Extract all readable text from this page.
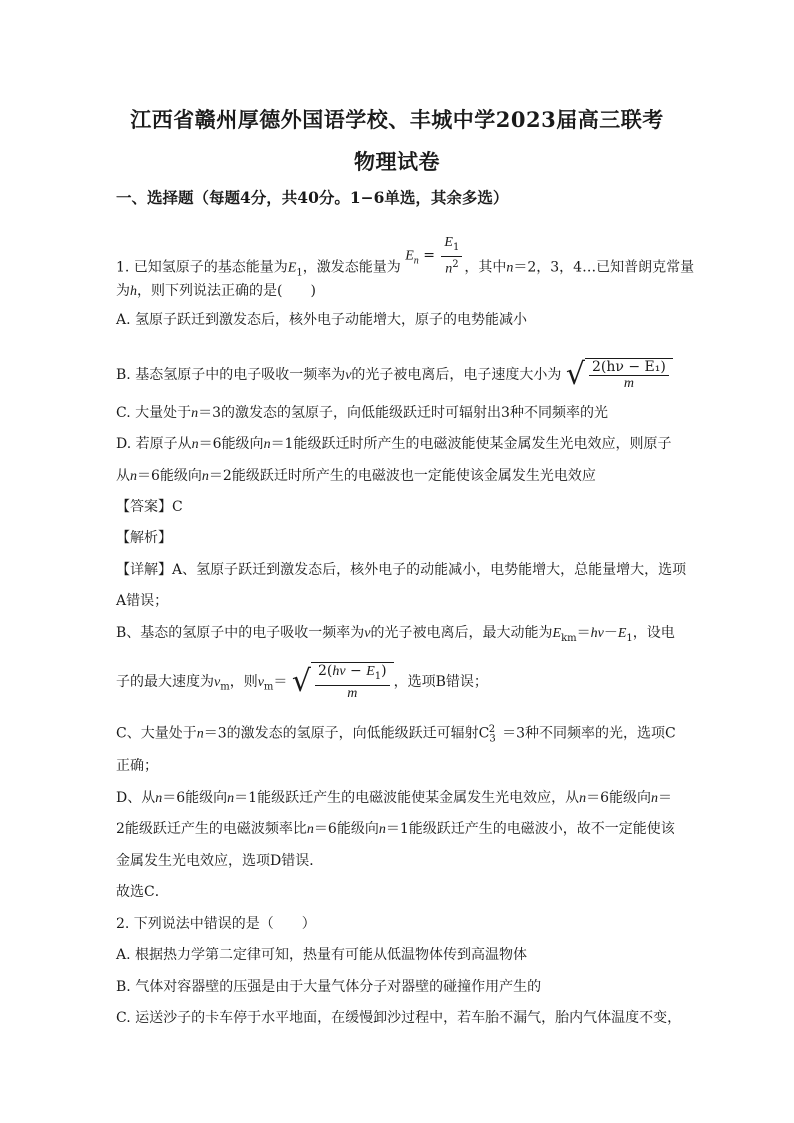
江西省赣州厚德外国语学校、丰城中学2023届高三联考
物理试卷
一、选择题（每题4分，共40分。1−6单选，其余多选）
1. 已知氢原子的基态能量为$E_1$，激发态能量为 $E_n = \frac{E_1}{n^2}$ ，其中n＝2，3，4…已知普朗克常量
为h，则下列说法正确的是(　　)
A. 氢原子跃迁到激发态后，核外电子动能增大，原子的电势能减小
B. 基态氢原子中的电子吸收一频率为ν的光子被电离后，电子速度大小为 √ $\frac{\text{2(hν − E₁)}}{m}$
C. 大量处于n＝3的激发态的氢原子，向低能级跃迁时可辐射出3种不同频率的光
D. 若原子从n＝6能级向n＝1能级跃迁时所产生的电磁波能使某金属发生光电效应，则原子
从n＝6能级向n＝2能级跃迁时所产生的电磁波也一定能使该金属发生光电效应
【答案】C
【解析】
【详解】A、氢原子跃迁到激发态后，核外电子的动能减小，电势能增大，总能量增大，选项
A错误；
B、基态的氢原子中的电子吸收一频率为ν的光子被电离后，最大动能为$E_{km}=h\nu-E_1$，设电
子的最大速度为$v_m$，则$v_m=$ √ $\frac{2(h\nu - E_1)}{m}$ ，选项B错误；
C、大量处于n＝3的激发态的氢原子，向低能级跃迁可辐射$C_3^2 =3$种不同频率的光，选项C
正确；
D、从n＝6能级向n＝1能级跃迁产生的电磁波能使某金属发生光电效应，从n＝6能级向n＝
2能级跃迁产生的电磁波频率比n＝6能级向n＝1能级跃迁产生的电磁波小，故不一定能使该
金属发生光电效应，选项D错误．
故选C．
2. 下列说法中错误的是（　　）
A. 根据热力学第二定律可知，热量有可能从低温物体传到高温物体
B. 气体对容器壁的压强是由于大量气体分子对器壁的碰撞作用产生的
C. 运送沙子的卡车停于水平地面，在缓慢卸沙过程中，若车胎不漏气，胎内气体温度不变，
